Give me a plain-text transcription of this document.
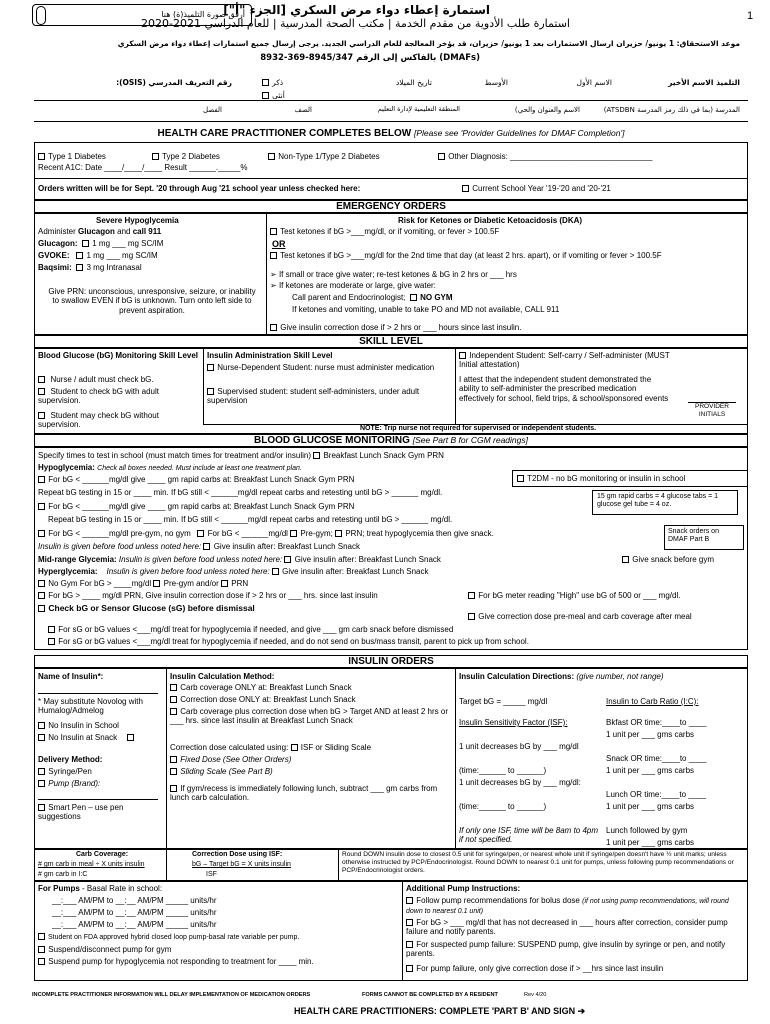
أرفق صورة التلميذ(ة) هنا	1
استمارة إعطاء دواء مرض السكري [الجزء "أ"]
استمارة طلب الأدوية من مقدم الخدمة | مكتب الصحة المدرسية | للعام الدراسي 2021-2020
موعد الاستحقاق: 1 يونيو/ حزيران ارسال الاستمارات بعد 1 يونيو/ حزيران، قد يؤخر المعالجة للعام الدراسي الجديد. يرجى إرسال جميع استمارات إعطاء دواء مرض السكري
(DMAFs) بالفاكس إلى الرقم 8945/347-369-8932
التلميذ الاسم الأخير
الاسم الأول
الأوسط
تاريخ الميلاد
ذكر
أنثى
رقم التعريف المدرسي (OSIS):
المدرسة (بما في ذلك رمز المدرسة ATSDBN)
الاسم والعنوان والحي)
المنطقة التعليمية لإدارة التعليم
الصف
الفصل
HEALTH CARE PRACTITIONER COMPLETES BELOW [Please see 'Provider Guidelines for DMAF Completion']
Type 1 Diabetes	Type 2 Diabetes	Non-Type 1/Type 2 Diabetes	Other Diagnosis: ________________________________
Recent A1C: Date ____/____/____ Result ______._____%
Orders written will be for Sept. '20 through Aug '21 school year unless checked here:	Current School Year '19-'20 and '20-'21
EMERGENCY ORDERS
Severe Hypoglycemia
Administer Glucagon and call 911
Glucagon: 1 mg ___ mg SC/IM
GVOKE: 1 mg ___ mg SC/IM
Baqsimi: 3 mg Intranasal
Give PRN: unconscious, unresponsive, seizure, or inability to swallow EVEN if bG is unknown. Turn onto left side to prevent aspiration.
Risk for Ketones or Diabetic Ketoacidosis (DKA)
Test ketones if bG >___mg/dl, or if vomiting, or fever > 100.5F
OR
Test ketones if bG >___mg/dl for the 2nd time that day (at least 2 hrs. apart), or if vomiting or fever > 100.5F
➢ If small or trace give water; re-test ketones & bG in 2 hrs or ___ hrs
➢ If ketones are moderate or large, give water:
Call parent and Endocrinologist; NO GYM
If ketones and vomiting, unable to take PO and MD not available, CALL 911
Give insulin correction dose if > 2 hrs or ___ hours since last insulin.
SKILL LEVEL
Blood Glucose (bG) Monitoring Skill Level
Nurse / adult must check bG.
Student to check bG with adult supervision.
Student may check bG without supervision.
Insulin Administration Skill Level
Nurse-Dependent Student: nurse must administer medication
Supervised student: student self-administers, under adult supervision
Independent Student: Self-carry / Self-administer (MUST Initial attestation)
I attest that the independent student demonstrated the ability to self-administer the prescribed medication effectively for school, field trips, & school/sponsored events
PROVIDER INITIALS
NOTE: Trip nurse not required for supervised or independent students.
BLOOD GLUCOSE MONITORING [See Part B for CGM readings]
Specify times to test in school (must match times for treatment and/or insulin) Breakfast Lunch Snack Gym PRN
Hypoglycemia: Check all boxes needed. Must include at least one treatment plan.
T2DM - no bG monitoring or insulin in school
For bG < ______mg/dl give ____ gm rapid carbs at: Breakfast Lunch Snack Gym PRN
Repeat bG testing in 15 or ____ min. If bG still < ______mg/dl repeat carbs and retesting until bG > ______ mg/dl.	15 gm rapid carbs = 4 glucose tabs = 1 glucose gel tube = 4 oz.
For bG < ______mg/dl give ____ gm rapid carbs at: Breakfast Lunch Snack Gym PRN
Repeat bG testing in 15 or ____ min. If bG still < ______mg/dl repeat carbs and retesting until bG > ______ mg/dl.
For bG < ______mg/dl pre-gym, no gym For bG < ______mg/dl Pre-gym; PRN; treat hypoglycemia then give snack.	Snack orders on DMAF Part B
Insulin is given before food unless noted here: Give insulin after: Breakfast Lunch Snack
Mid-range Glycemia: Insulin is given before food unless noted here: Give insulin after: Breakfast Lunch Snack	Give snack before gym
Hyperglycemia: Insulin is given before food unless noted here: Give insulin after: Breakfast Lunch Snack
No Gym For bG > ____mg/dl Pre-gym and/or PRN
For bG > ____ mg/dl PRN, Give insulin correction dose if > 2 hrs or ___ hrs. since last insulin	For bG meter reading "High" use bG of 500 or ___ mg/dl.
Check bG or Sensor Glucose (sG) before dismissal
Give correction dose pre-meal and carb coverage after meal
For sG or bG values <___mg/dl treat for hypoglycemia if needed, and give ___ gm carb snack before dismissed
For sG or bG values <___mg/dl treat for hypoglycemia if needed, and do not send on bus/mass transit, parent to pick up from school.
INSULIN ORDERS
Name of Insulin*:
* May substitute Novolog with Humalog/Admelog
No Insulin in School
No Insulin at Snack
Delivery Method:
Syringe/Pen
Pump (Brand):
Smart Pen – use pen suggestions
Insulin Calculation Method:
Carb coverage ONLY at: Breakfast Lunch Snack
Correction dose ONLY at: Breakfast Lunch Snack
Carb coverage plus correction dose when bG > Target AND at least 2 hrs or ___ hrs. since last insulin at Breakfast Lunch Snack
Correction dose calculated using: ISF or Sliding Scale
Fixed Dose (See Other Orders)
Sliding Scale (See Part B)
If gym/recess is immediately following lunch, subtract ___ gm carbs from lunch carb calculation.
Insulin Calculation Directions: (give number, not range)
Target bG = _____ mg/dl	Insulin to Carb Ratio (I:C):
Insulin Sensitivity Factor (ISF):
1 unit decreases bG by ___ mg/dl
(time:______ to ______)
1 unit decreases bG by ___ mg/dl:
(time:______ to ______)
If only one ISF, time will be 8am to 4pm if not specified.
Bkfast OR time:____to ____
1 unit per ___ gms carbs
Snack OR time:____to ____
1 unit per ___ gms carbs
Lunch OR time:____to ____
1 unit per ___ gms carbs
Lunch followed by gym
1 unit per ___ gms carbs
Carb Coverage:
# gm carb in meal ÷ X units insulin
# gm carb in I:C
Correction Dose using ISF:
bG – Target bG = X units insulin
ISF
Round DOWN insulin dose to closest 0.5 unit for syringe/pen, or nearest whole unit if syringe/pen doesn't have ½ unit marks; unless otherwise instructed by PCP/Endocrinologist. Round DOWN to nearest 0.1 unit for pumps, unless following pump recommendations or PCP/Endocrinologist orders.
For Pumps - Basal Rate in school:
__:___ AM/PM to __:__ AM/PM _____ units/hr
__:___ AM/PM to __:__ AM/PM _____ units/hr
__:___ AM/PM to __:__ AM/PM _____ units/hr
Student on FDA approved hybrid closed loop pump-basal rate variable per pump.
Suspend/disconnect pump for gym
Suspend pump for hypoglycemia not responding to treatment for ____ min.
Additional Pump Instructions:
Follow pump recommendations for bolus dose (if not using pump recommendations, will round down to nearest 0.1 unit)
For bG > ___ mg/dl that has not decreased in ___ hours after correction, consider pump failure and notify parents.
For suspected pump failure: SUSPEND pump, give insulin by syringe or pen, and notify parents.
For pump failure, only give correction dose if > __hrs since last insulin
INCOMPLETE PRACTITIONER INFORMATION WILL DELAY IMPLEMENTATION OF MEDICATION ORDERS	FORMS CANNOT BE COMPLETED BY A RESIDENT	Rev 4/20
HEALTH CARE PRACTITIONERS: COMPLETE 'PART B' AND SIGN ➔
